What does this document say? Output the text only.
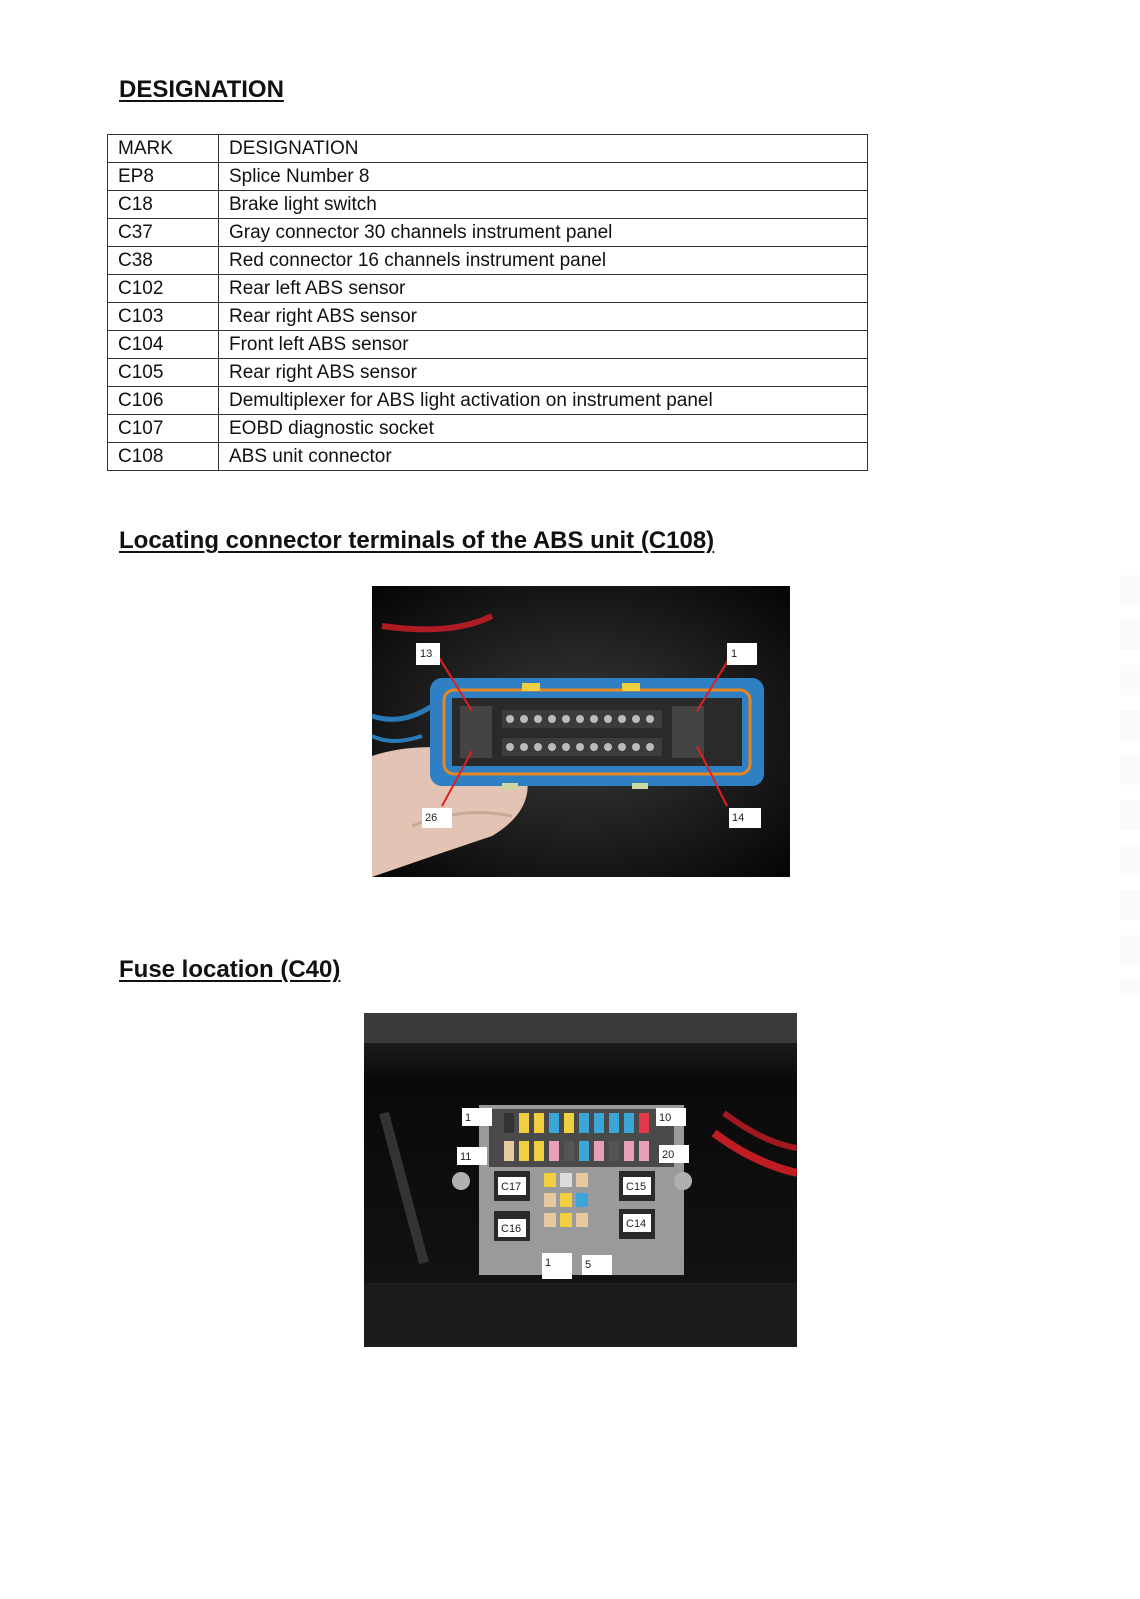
DESIGNATION
MARK	DESIGNATION
EP8	Splice Number 8
C18	Brake light switch
C37	Gray connector 30 channels instrument panel
C38	Red connector 16 channels instrument panel
C102	Rear left ABS sensor
C103	Rear right ABS sensor
C104	Front left ABS sensor
C105	Rear right ABS sensor
C106	Demultiplexer for ABS light activation on instrument panel
C107	EOBD diagnostic socket
C108	ABS unit connector
Locating connector terminals of the ABS unit (C108)
13	1
26	14
Fuse location (C40)
1	10
11	20
C17
C16
C15
C14
1	5
